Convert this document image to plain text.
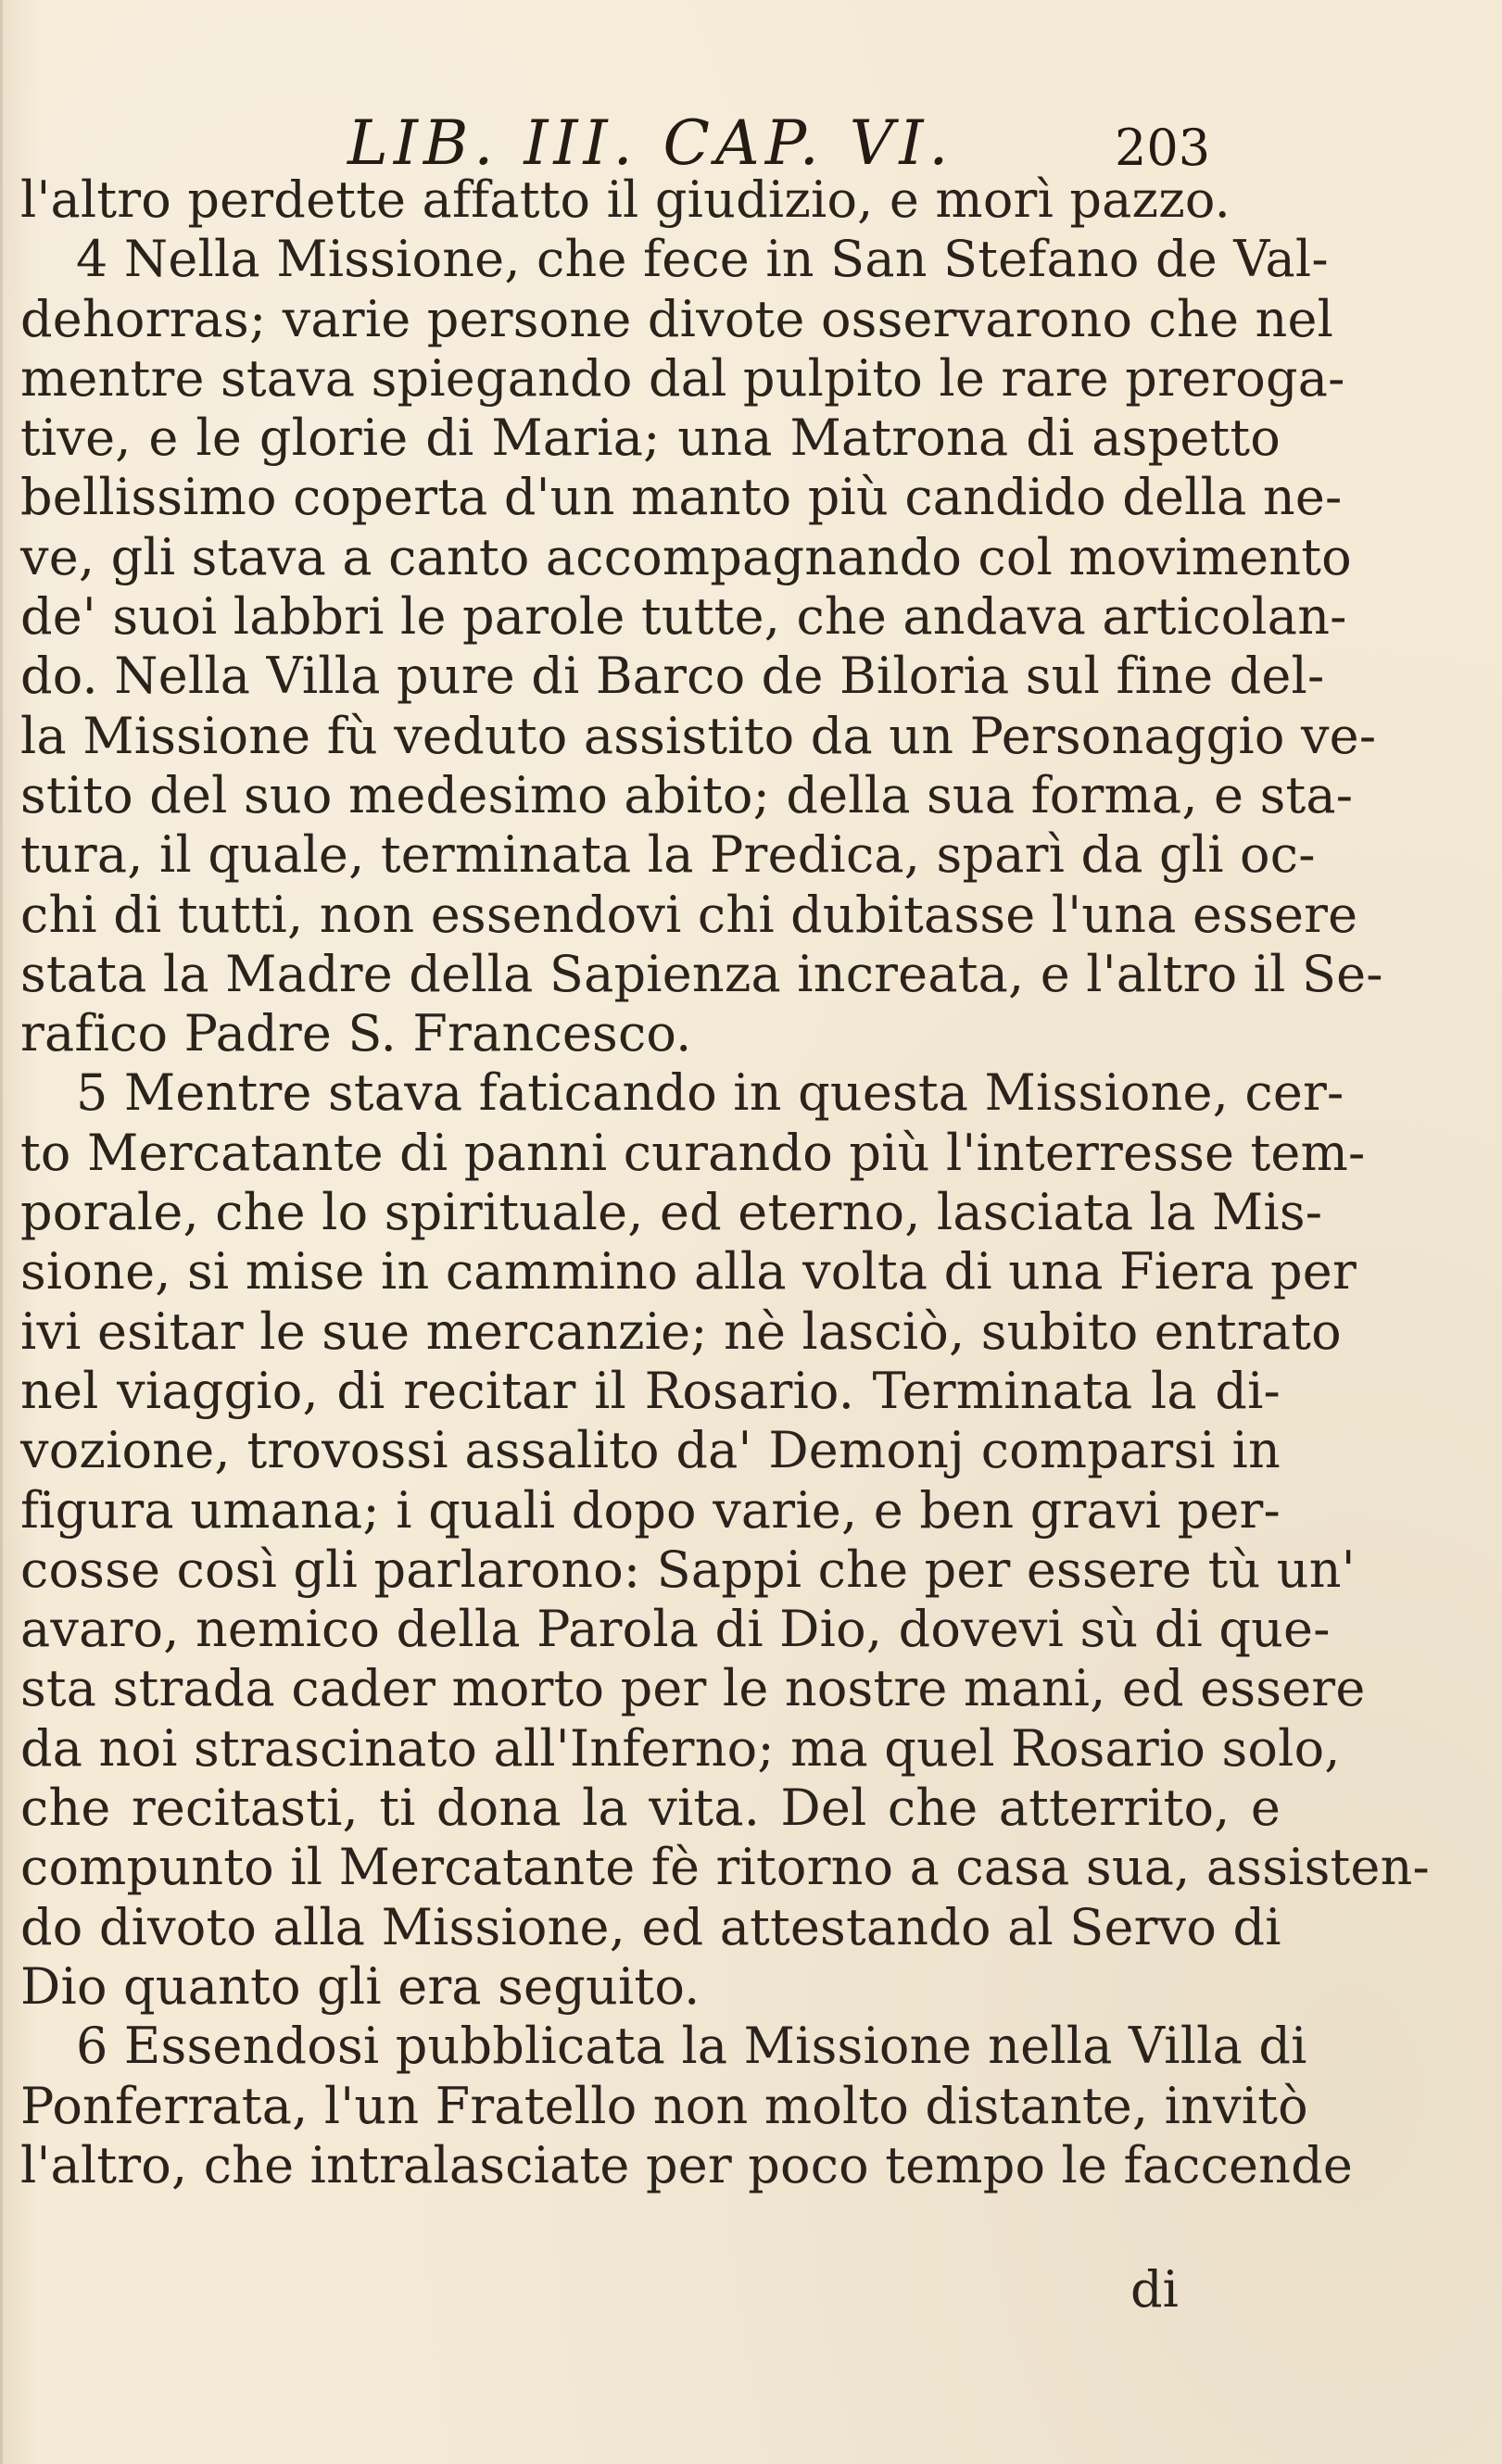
LIB. III. CAP. VI.	203
l'altro perdette affatto il giudizio, e morì pazzo.
4 Nella Missione, che fece in San Stefano de Val-
dehorras; varie persone divote osservarono che nel
mentre stava spiegando dal pulpito le rare preroga-
tive, e le glorie di Maria; una Matrona di aspetto
bellissimo coperta d'un manto più candido della ne-
ve, gli stava a canto accompagnando col movimento
de' suoi labbri le parole tutte, che andava articolan-
do. Nella Villa pure di Barco de Biloria sul fine del-
la Missione fù veduto assistito da un Personaggio ve-
stito del suo medesimo abito; della sua forma, e sta-
tura, il quale, terminata la Predica, sparì da gli oc-
chi di tutti, non essendovi chi dubitasse l'una essere
stata la Madre della Sapienza increata, e l'altro il Se-
rafico Padre S. Francesco.
5 Mentre stava faticando in questa Missione, cer-
to Mercatante di panni curando più l'interresse tem-
porale, che lo spirituale, ed eterno, lasciata la Mis-
sione, si mise in cammino alla volta di una Fiera per
ivi esitar le sue mercanzie; nè lasciò, subito entrato
nel viaggio, di recitar il Rosario. Terminata la di-
vozione, trovossi assalito da' Demonj comparsi in
figura umana; i quali dopo varie, e ben gravi per-
cosse così gli parlarono: Sappi che per essere tù un'
avaro, nemico della Parola di Dio, dovevi sù di que-
sta strada cader morto per le nostre mani, ed essere
da noi strascinato all'Inferno; ma quel Rosario solo,
che recitasti, ti dona la vita. Del che atterrito, e
compunto il Mercatante fè ritorno a casa sua, assisten-
do divoto alla Missione, ed attestando al Servo di
Dio quanto gli era seguito.
6 Essendosi pubblicata la Missione nella Villa di
Ponferrata, l'un Fratello non molto distante, invitò
l'altro, che intralasciate per poco tempo le faccende
di
